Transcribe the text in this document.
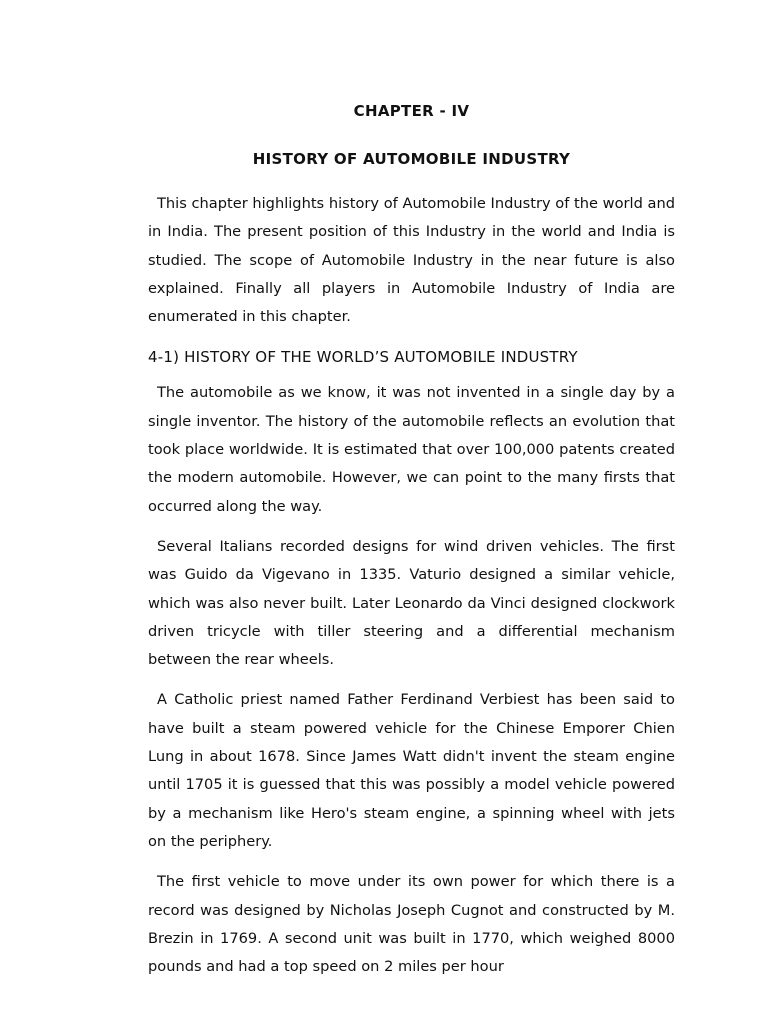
CHAPTER - IV
HISTORY OF AUTOMOBILE INDUSTRY

This chapter highlights history of Automobile Industry of the world and in India. The present position of this Industry in the world and India is studied. The scope of Automobile Industry in the near future is also explained. Finally all players in Automobile Industry of India are enumerated in this chapter.

4-1) HISTORY OF THE WORLD’S AUTOMOBILE INDUSTRY

The automobile as we know, it was not invented in a single day by a single inventor. The history of the automobile reflects an evolution that took place worldwide. It is estimated that over 100,000 patents created the modern automobile. However, we can point to the many firsts that occurred along the way.

Several Italians recorded designs for wind driven vehicles. The first was Guido da Vigevano in 1335. Vaturio designed a similar vehicle, which was also never built. Later Leonardo da Vinci designed clockwork driven tricycle with tiller steering and a differential mechanism between the rear wheels.

A Catholic priest named Father Ferdinand Verbiest has been said to have built a steam powered vehicle for the Chinese Emporer Chien Lung in about 1678. Since James Watt didn't invent the steam engine until 1705 it is guessed that this was possibly a model vehicle powered by a mechanism like Hero's steam engine, a spinning wheel with jets on the periphery.

The first vehicle to move under its own power for which there is a record was designed by Nicholas Joseph Cugnot and constructed by M. Brezin in 1769. A second unit was built in 1770, which weighed 8000 pounds and had a top speed on 2 miles per hour
